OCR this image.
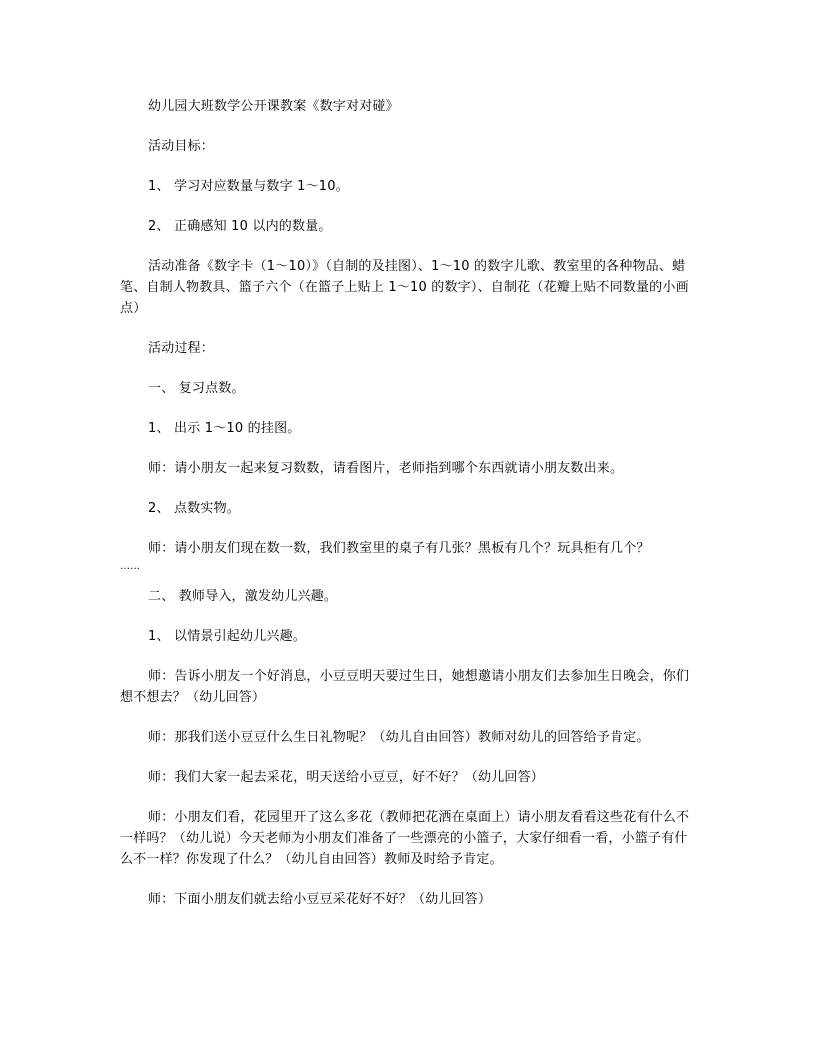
幼儿园大班数学公开课教案《数字对对碰》

活动目标：

1、 学习对应数量与数字 1～10。

2、 正确感知 10 以内的数量。

活动准备《数字卡（1～10）》（自制的及挂图）、1～10 的数字儿歌、教室里的各种物品、蜡笔、自制人物教具、篮子六个（在篮子上贴上 1～10 的数字）、自制花（花瓣上贴不同数量的小画点）

活动过程：

一、 复习点数。

1、 出示 1～10 的挂图。

师：请小朋友一起来复习数数，请看图片，老师指到哪个东西就请小朋友数出来。

2、 点数实物。

师：请小朋友们现在数一数，我们教室里的桌子有几张？黑板有几个？玩具柜有几个？

……

二、 教师导入，激发幼儿兴趣。

1、 以情景引起幼儿兴趣。

师：告诉小朋友一个好消息，小豆豆明天要过生日，她想邀请小朋友们去参加生日晚会，你们想不想去？（幼儿回答）

师：那我们送小豆豆什么生日礼物呢？（幼儿自由回答）教师对幼儿的回答给予肯定。

师：我们大家一起去采花，明天送给小豆豆，好不好？（幼儿回答）

师：小朋友们看，花园里开了这么多花（教师把花洒在桌面上）请小朋友看看这些花有什么不一样吗？（幼儿说）今天老师为小朋友们准备了一些漂亮的小篮子，大家仔细看一看，小篮子有什么不一样？你发现了什么？（幼儿自由回答）教师及时给予肯定。

师：下面小朋友们就去给小豆豆采花好不好？（幼儿回答）
